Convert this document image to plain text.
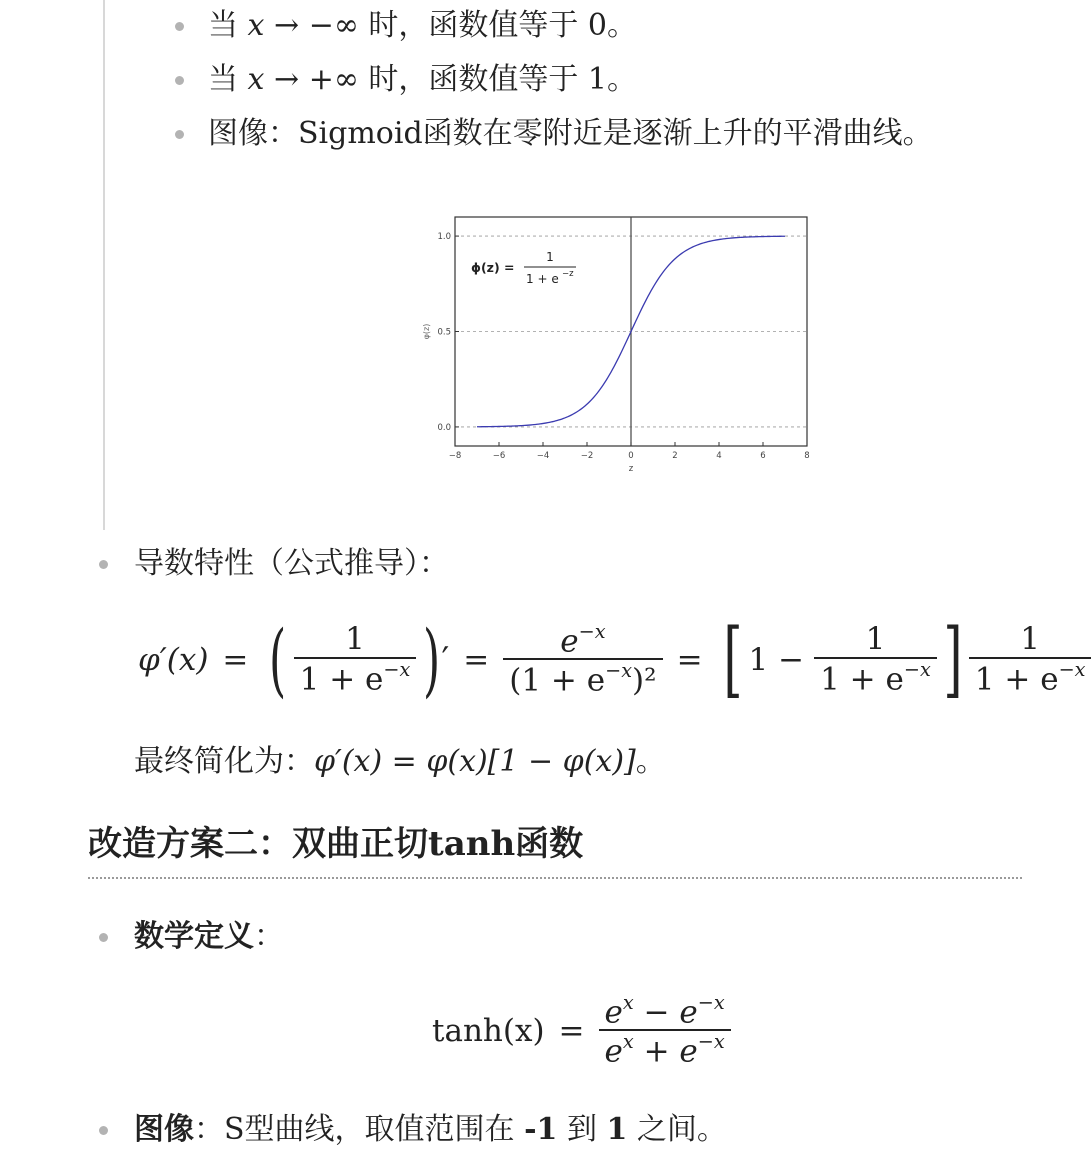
当 x → −∞ 时，函数值等于 0。
当 x → +∞ 时，函数值等于 1。
图像：Sigmoid函数在零附近是逐渐上升的平滑曲线。
−8	−6	−4	−2	0	2	4	6	8
0.0
0.5
1.0
z
φ(z)
ϕ(z) =
1
1 + e −z
导数特性（公式推导）：
φ′(x) = ( $\frac{1}{1 + e^{-x}}$ ) ′ = $\frac{e^{-x}}{(1 + e^{-x})^2}$ = [ $1 - \frac{1}{1 + e^{-x}}$ ] $\frac{1}{1 + e^{-x}}$
最终简化为：φ′(x) = φ(x)[1 − φ(x)]。
改造方案二：双曲正切tanh函数
数学定义：
$\tanh(x) = \frac{e^x - e^{-x}}{e^x + e^{-x}}$
图像：S型曲线，取值范围在 -1 到 1 之间。
